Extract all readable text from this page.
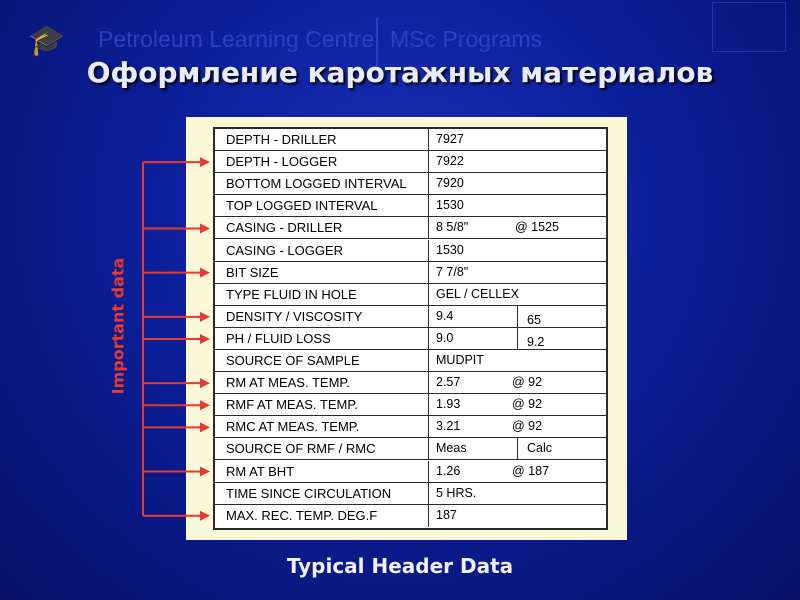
🎓 Petroleum Learning Centre MSc Programs
Оформление каротажных материалов
DEPTH - DRILLER	7927
DEPTH - LOGGER	7922
BOTTOM LOGGED INTERVAL 7920
TOP LOGGED INTERVAL	1530
CASING - DRILLER	8 5/8"	@ 1525
CASING - LOGGER	1530
BIT SIZE	7 7/8"
TYPE FLUID IN HOLE	GEL / CELLEX
DENSITY / VISCOSITY	9.4	65
PH / FLUID LOSS	9.0	9.2
SOURCE OF SAMPLE	MUDPIT
RM AT MEAS. TEMP.	2.57	@ 92
RMF AT MEAS. TEMP.	1.93	@ 92
RMC AT MEAS. TEMP.	3.21	@ 92
SOURCE OF RMF / RMC	Meas	Calc
RM AT BHT	1.26	@ 187
TIME SINCE CIRCULATION	5 HRS.
MAX. REC. TEMP. DEG.F	187
Important data
Typical Header Data
